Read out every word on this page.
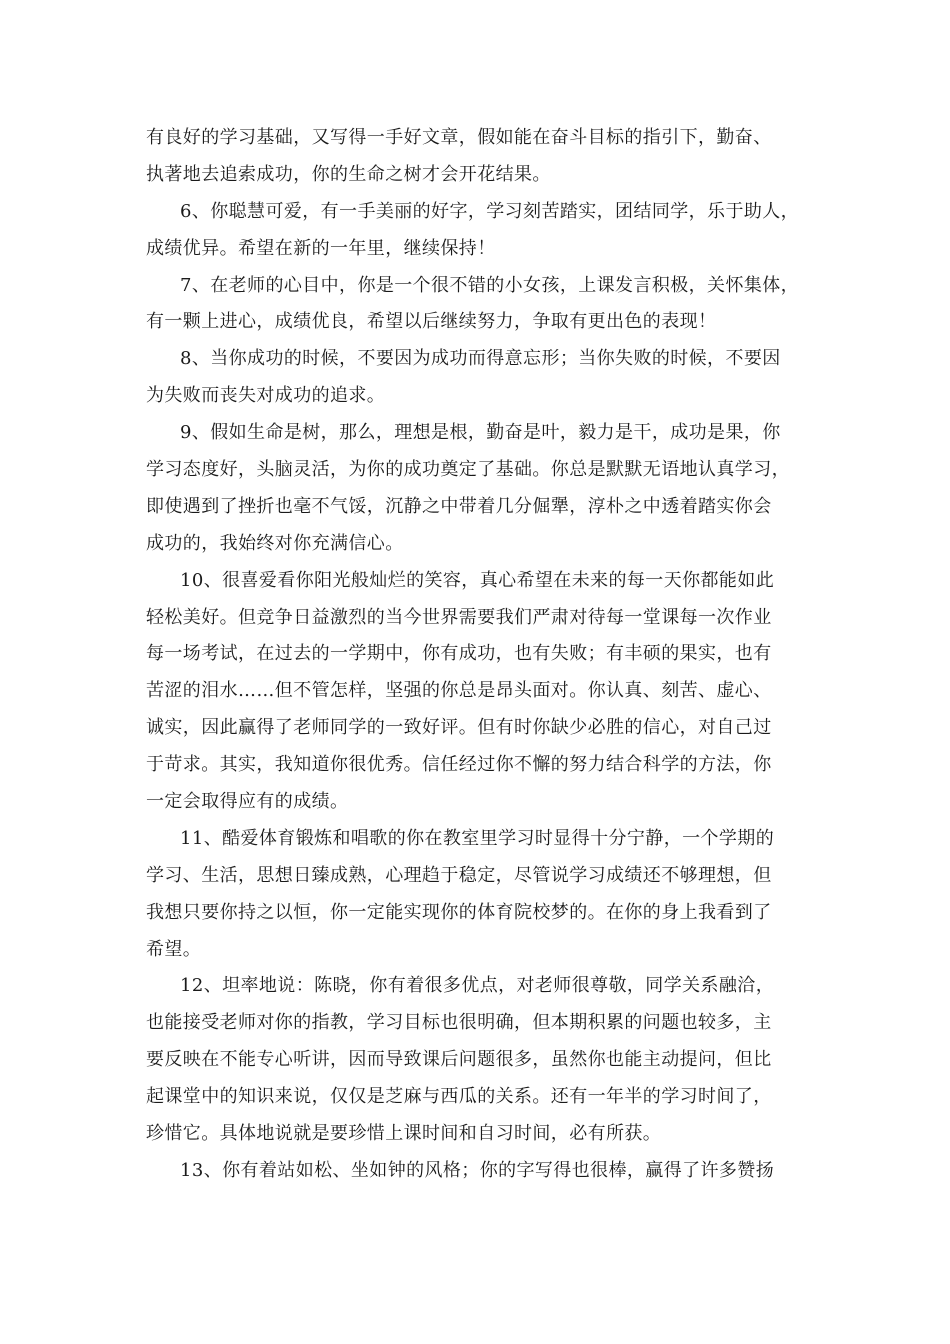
有良好的学习基础，又写得一手好文章，假如能在奋斗目标的指引下，勤奋、
执著地去追索成功，你的生命之树才会开花结果。
6、你聪慧可爱，有一手美丽的好字，学习刻苦踏实，团结同学，乐于助人，
成绩优异。希望在新的一年里，继续保持！
7、在老师的心目中，你是一个很不错的小女孩，上课发言积极，关怀集体，
有一颗上进心，成绩优良，希望以后继续努力，争取有更出色的表现！
8、当你成功的时候，不要因为成功而得意忘形；当你失败的时候，不要因
为失败而丧失对成功的追求。
9、假如生命是树，那么，理想是根，勤奋是叶，毅力是干，成功是果，你
学习态度好，头脑灵活，为你的成功奠定了基础。你总是默默无语地认真学习，
即使遇到了挫折也毫不气馁，沉静之中带着几分倔犟，淳朴之中透着踏实你会
成功的，我始终对你充满信心。
10、很喜爱看你阳光般灿烂的笑容，真心希望在未来的每一天你都能如此
轻松美好。但竞争日益激烈的当今世界需要我们严肃对待每一堂课每一次作业
每一场考试，在过去的一学期中，你有成功，也有失败；有丰硕的果实，也有
苦涩的泪水……但不管怎样，坚强的你总是昂头面对。你认真、刻苦、虚心、
诚实，因此赢得了老师同学的一致好评。但有时你缺少必胜的信心，对自己过
于苛求。其实，我知道你很优秀。信任经过你不懈的努力结合科学的方法，你
一定会取得应有的成绩。
11、酷爱体育锻炼和唱歌的你在教室里学习时显得十分宁静，一个学期的
学习、生活，思想日臻成熟，心理趋于稳定，尽管说学习成绩还不够理想，但
我想只要你持之以恒，你一定能实现你的体育院校梦的。在你的身上我看到了
希望。
12、坦率地说：陈晓，你有着很多优点，对老师很尊敬，同学关系融洽，
也能接受老师对你的指教，学习目标也很明确，但本期积累的问题也较多，主
要反映在不能专心听讲，因而导致课后问题很多，虽然你也能主动提问，但比
起课堂中的知识来说，仅仅是芝麻与西瓜的关系。还有一年半的学习时间了，
珍惜它。具体地说就是要珍惜上课时间和自习时间，必有所获。
13、你有着站如松、坐如钟的风格；你的字写得也很棒，赢得了许多赞扬
